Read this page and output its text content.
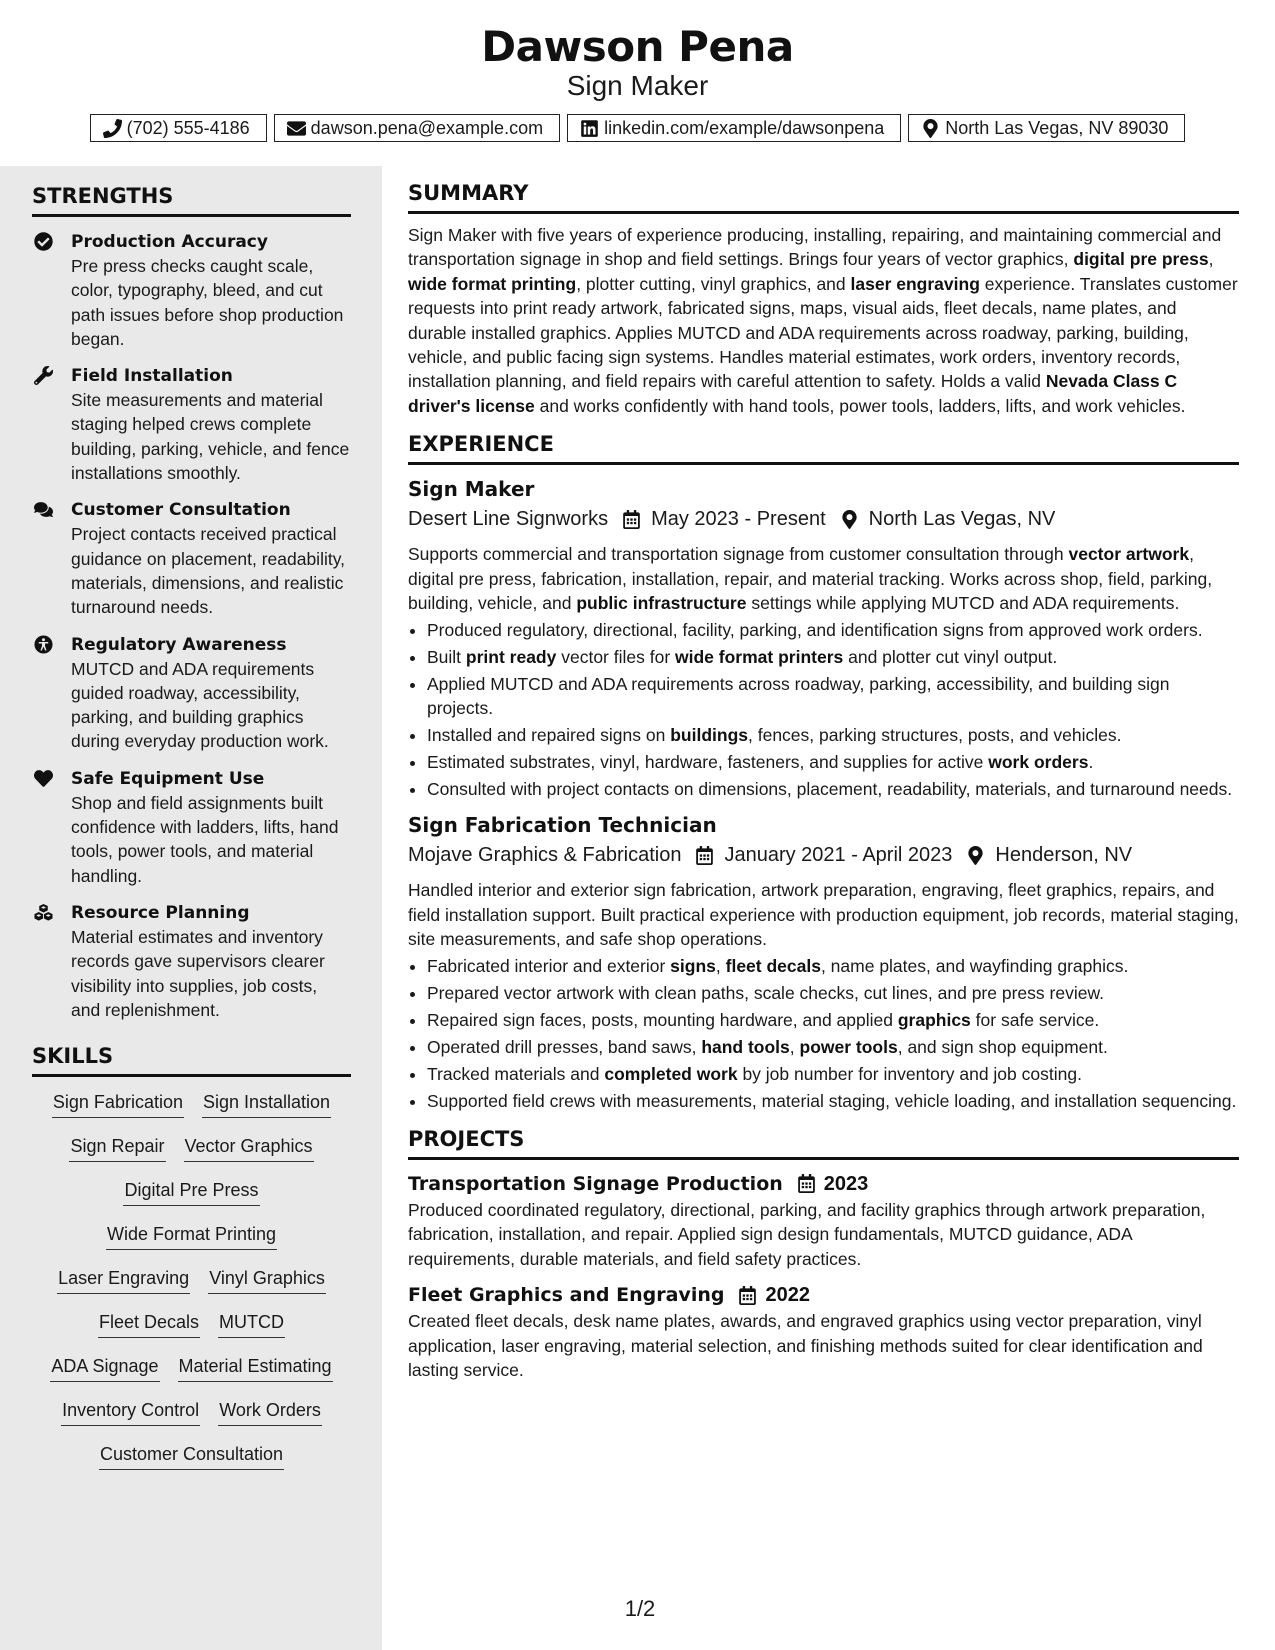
Dawson Pena
Sign Maker
(702) 555-4186	dawson.pena@example.com	linkedin.com/example/dawsonpena	North Las Vegas, NV 89030
STRENGTHS
Production Accuracy
Pre press checks caught scale, color, typography, bleed, and cut path issues before shop production began.
Field Installation
Site measurements and material staging helped crews complete building, parking, vehicle, and fence installations smoothly.
Customer Consultation
Project contacts received practical guidance on placement, readability, materials, dimensions, and realistic turnaround needs.
Regulatory Awareness
MUTCD and ADA requirements guided roadway, accessibility, parking, and building graphics during everyday production work.
Safe Equipment Use
Shop and field assignments built confidence with ladders, lifts, hand tools, power tools, and material handling.
Resource Planning
Material estimates and inventory records gave supervisors clearer visibility into supplies, job costs, and replenishment.
SKILLS
Sign Fabrication Sign Installation
Sign Repair Vector Graphics
Digital Pre Press
Wide Format Printing
Laser Engraving Vinyl Graphics
Fleet Decals MUTCD
ADA Signage Material Estimating
Inventory Control Work Orders
Customer Consultation
SUMMARY
Sign Maker with five years of experience producing, installing, repairing, and maintaining commercial and transportation signage in shop and field settings. Brings four years of vector graphics, digital pre press, wide format printing, plotter cutting, vinyl graphics, and laser engraving experience. Translates customer requests into print ready artwork, fabricated signs, maps, visual aids, fleet decals, name plates, and durable installed graphics. Applies MUTCD and ADA requirements across roadway, parking, building, vehicle, and public facing sign systems. Handles material estimates, work orders, inventory records, installation planning, and field repairs with careful attention to safety. Holds a valid Nevada Class C driver's license and works confidently with hand tools, power tools, ladders, lifts, and work vehicles.
EXPERIENCE
Sign Maker
Desert Line Signworks May 2023 - Present North Las Vegas, NV
Supports commercial and transportation signage from customer consultation through vector artwork, digital pre press, fabrication, installation, repair, and material tracking. Works across shop, field, parking, building, vehicle, and public infrastructure settings while applying MUTCD and ADA requirements.
• Produced regulatory, directional, facility, parking, and identification signs from approved work orders.
• Built print ready vector files for wide format printers and plotter cut vinyl output.
• Applied MUTCD and ADA requirements across roadway, parking, accessibility, and building sign projects.
• Installed and repaired signs on buildings, fences, parking structures, posts, and vehicles.
• Estimated substrates, vinyl, hardware, fasteners, and supplies for active work orders.
• Consulted with project contacts on dimensions, placement, readability, materials, and turnaround needs.
Sign Fabrication Technician
Mojave Graphics & Fabrication January 2021 - April 2023 Henderson, NV
Handled interior and exterior sign fabrication, artwork preparation, engraving, fleet graphics, repairs, and field installation support. Built practical experience with production equipment, job records, material staging, site measurements, and safe shop operations.
• Fabricated interior and exterior signs, fleet decals, name plates, and wayfinding graphics.
• Prepared vector artwork with clean paths, scale checks, cut lines, and pre press review.
• Repaired sign faces, posts, mounting hardware, and applied graphics for safe service.
• Operated drill presses, band saws, hand tools, power tools, and sign shop equipment.
• Tracked materials and completed work by job number for inventory and job costing.
• Supported field crews with measurements, material staging, vehicle loading, and installation sequencing.
PROJECTS
Transportation Signage Production 2023
Produced coordinated regulatory, directional, parking, and facility graphics through artwork preparation, fabrication, installation, and repair. Applied sign design fundamentals, MUTCD guidance, ADA requirements, durable materials, and field safety practices.
Fleet Graphics and Engraving 2022
Created fleet decals, desk name plates, awards, and engraved graphics using vector preparation, vinyl application, laser engraving, material selection, and finishing methods suited for clear identification and lasting service.
1/2
